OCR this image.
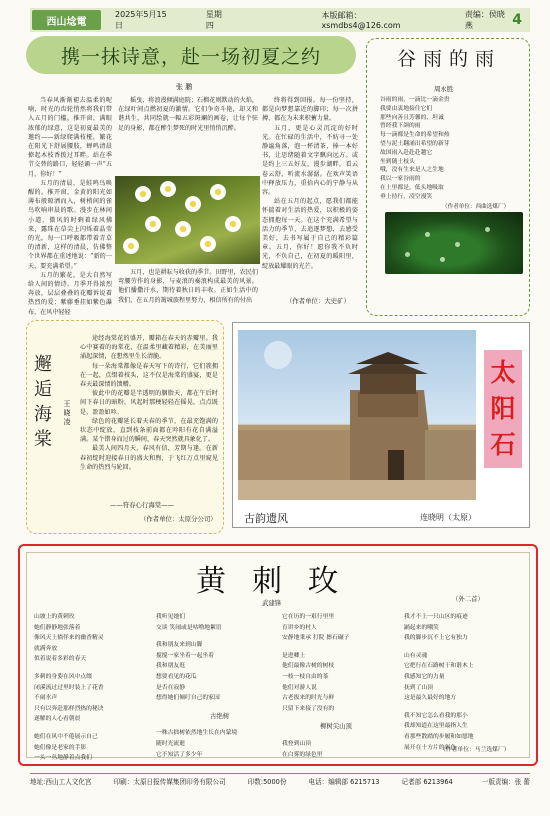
西山埝電
2025年5月15日
星期四
本版邮箱：xsmdbs4@126.com
责编：侯晓燕	4
携一抹诗意，赴一场初夏之约
张 鹏

当春风渐渐褪去温柔的呢喃，时光的齿轮悄然将我们带入五月的门槛。推开窗，满眼浓郁的绿意，这是初夏最美的邀约——新绿爬满枝桠，繁花在阳光下舒展腰肢，蝉鸣清晨撩起木枝香拨过耳畔。站在季节交替的路口，轻轻诵一声“五月，你好！”

五月的清晨，是蛙鸣鸟唤醒的。推开窗，金黄的阳光如薄布般晾洒而入，树梢间的雀鸟吹响串晨的歌。漫步在林间小道，微风的时剩着绿风拂来，露珠在草尖上闪烁着晶莹的光。每一口呼吸都带着青草的清新，这样的清晨，仿佛整个世界都在重述地说：“新的一天，要充满希望。”

五月的繁花，是大自然写给人间的情诗。月季开得浓烈奔放，层层叠叠的花瓣诉说着热烈的爱；紫藤垂挂如紫色瀑布，在风中轻轻

摇曳，将浪漫倾满庭院；石榴花则默动的火焰，在绿叶间点燃初夏的激情。它们争奇斗艳，却又和谐共生，共同绘就一幅五彩斑斓的画卷，让每个驻足的身影，都在醉生梦死的时光里悄悄沉醉。

五月，也是耕耘与收获的季节。田野里，农民们弯腰劳作的身影，与麦浪的奏浪构成最美的风景。他们播撒汗水，期待着秋日的丰收。正如生活中的我们，在五月的篱城旅程里努力，相信所有的付出

终将得到回报。每一份坚持，都是向梦想靠近的脚印；每一次拼搏，都在为未来积蓄力量。

五月，更是心灵沉淀的好时光。在忙碌的生活中，不妨寻一处静谧角落，泡一杯清茶，捧一本好书，让思绪随着文字飘向远方。或是约上三五好友，漫步湖畔，看云卷云舒，听流水潺潺。在欢声笑语中释放压力，重拾内心的宁静与从容。

站在五月的起点，愿我们都能怀揣着对生活的热爱，以积极的姿态拥抱每一天。在这个充满希望与活力的季节，去追逐梦想，去感受美好，去书写属于自己的精彩篇章。五月，你好！愿你我不负时光，不负自己，在初夏的暖阳里，绽放最耀眼的光芒。

（作者单位：大史矿）
谷雨的雨
周永胜
谷雨的雨，一滴比一滴金贵
我要由衷地接住它们
那些向善且芳馨的、坦诚
曾经我下颌的雨
每一滴都是生命的希望和热
望与泥土翻涌出希望的新芽
故国雨入赴赴赴越它
坐到随土枝头
哦，没有生来是人之生地
我以一家谷雨的
在土里都是，低头地吸取
垂上持行，凌空漫笑
（作者单位：西曲选煤厂）
邂
逅
海
棠
王晓凌

途经海棠花的盛开，瓣箱在春天的赤瓣里。我心中赛着的海棠花，在温柔里藏着精彩，在美丽里涌起深情，在想然里生长清脆。

每一朵海棠都像是春天写下的诗行，它们簇拥在一起，点缀着枝头，这不仅是海棠的盛宴，更是春天最深情的馈赠。

彼此中的花瓣是半透明的胭脂天，都在午后时间下春日的暗粉，风起时那梗轻轻在摇晃，点点既是，盈盈如吟。

绿色的花瓣延长着天春的季节，在最充饱满的状态中绽放，直到枝条前面都在吟阳有花自满溢满。某个错身而过的瞬间，春天突然就具象化了。

最美人间四月天，春风有信，芳期与逢。在新春初绽时迎接春日的盛大和煦，于飞红万点里窥见生命的热烈与轮回。

——符春心行海棠——
（作者单位：太原分公司）
太
阳
石
古韵遗风	连晓明（太原）
黄刺玫	（外二首）
武建锋
山坡上的黄刺玫
她们静静地张落着
像风天上徜徉来的幽香精灵
就满奔放
似着说着多彩的春天
多刺的身姿在风中点缀
闭溪流过过里时装上了花香
不闹水声
只有以奔赴那样烈热的秘诀
遂解的人心看朝晨
她们在风中不倦展示自己
她们像是老家的手影
一头一丛地静着点我们
我听见她们
交谈 笑闹或是咕噜地絮语
我和朋友来到山脚
搅搅一家坐着一起坐着
我和朋友逛
想要看见的花瓜
是否在寂静
想得她们倾叮自己的家园
古绝树
一株古拙树依然地生长在内蒙境
随时光流逝
它不知活了多少年
它在历的一艰行里里
育讲乡的村人
安静地秉承 打院 擦石碾子
是进卿上
他们最像古树的树枝
一枝一枝自由的茶
他们对游人说
古老拔来的时光与鲜
只留下来接了没有的
柳树尖山顶
我登到山顶
在白雾的绿色里
我才不上一只山区的痕迹
踊起来的嘲笑
我的脚步沉不上它有独力
山有灵魂
它把行在石路树干和谐木上
我感知它的力量
抚到了山顶
这是最久最好的地方
我不知它怎么看我的那小
我却知道在这里最指人生
看那些散踏的步履和如愿地
展开在十方片的彩色
（作者单位：马兰选煤厂）
地址:西山工人文化宫	印刷：太原日报传媒集团印务有限公司	印数:5000份	电话：编辑部 6215713	记者部 6213964	一版责编：张 蕾
